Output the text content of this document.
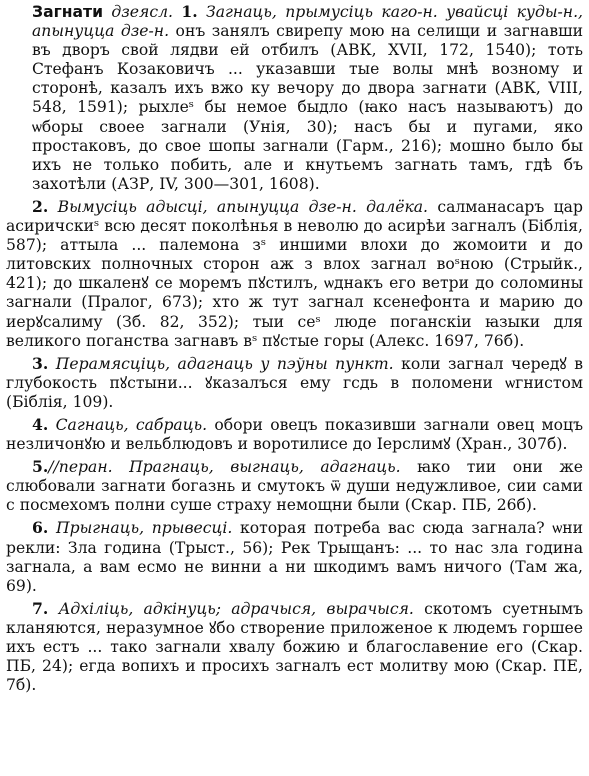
Загнати дзеясл. 1. Загнаць, прымусіць каго-н. увайсці куды-н., апынуцца дзе-н. онъ занялъ свирепу мою на селищи и загнавши въ дворъ свой лядви ей отбилъ (АВК, XVII, 172, 1540); тоть Стефанъ Козаковичъ ... указавши тые волы мнѣ возному и сторонѣ, казалъ ихъ вжо ку вечору до двора загнати (АВК, VIII, 548, 1591); рыхлеˢ бы немое быдло (ꙗко насъ называютъ) до ѡборы своее загнали (Унія, 30); насъ бы и пугами, яко простаковъ, до свое шопы загнали (Гарм., 216); мошно было бы ихъ не только побить, але и кнутьемъ загнать тамъ, гдѣ бъ захотѣли (АЗР, IV, 300—301, 1608).

2. Вымусіць адысці, апынуцца дзе-н. далёка. салманасаръ цар асиричскиˢ всю десят поколѣнья в неволю до асирѣи загналъ (Біблія, 587); аттыла ... палемона зˢ иншими влохи до жомоити и до литовских полночных сторон аж з влох загнал воˢною (Стрыйк., 421); до шкаленꙋ се моремъ пꙋстилъ, ѡднакъ его ветри до соломины загнали (Пралог, 673); хто ж тут загнал ксенефонта и марию до иерꙋсалиму (Зб. 82, 352); тыи сеˢ люде поганскіи ꙗзыки для великого поганства загнавъ вˢ пꙋстые горы (Алекс. 1697, 76б).

3. Перамясціць, адагнаць у пэўны пункт. коли загнал чередꙋ в глубокость пꙋстыни... ꙋказалъся ему гсдь в поломени ѡгнистом (Біблія, 109).

4. Сагнаць, сабраць. обори овецъ показивши загнали овец моцъ незличонꙋю и вельблюдовъ и воротилисе до Іерслимꙋ (Хран., 307б).

5.//перан. Прагнаць, выгнаць, адагнаць. ꙗко тии они же слюбовали загнати богазнь и смутокъ ѿ души недужливое, сии сами с посмехомъ полни суше страху немощни были (Скар. ПБ, 26б).

6. Прыгнаць, прывесці. которая потреба вас сюда загнала? ѡни рекли: Зла година (Трыст., 56); Рек Трыщанъ: ... то нас зла година загнала, а вам есмо не винни а ни шкодимъ вамъ ничого (Там жа, 69).

7. Адхіліць, адкінуць; адрачыся, вырачыся. скотомъ суетнымъ кланяются, неразумное ꙋбо створение приложеное к людемъ горшее ихъ естъ ... тако загнали хвалу божию и благославение его (Скар. ПБ, 24); егда вопихъ и просихъ загналъ ест молитву мою (Скар. ПЕ, 7б).
